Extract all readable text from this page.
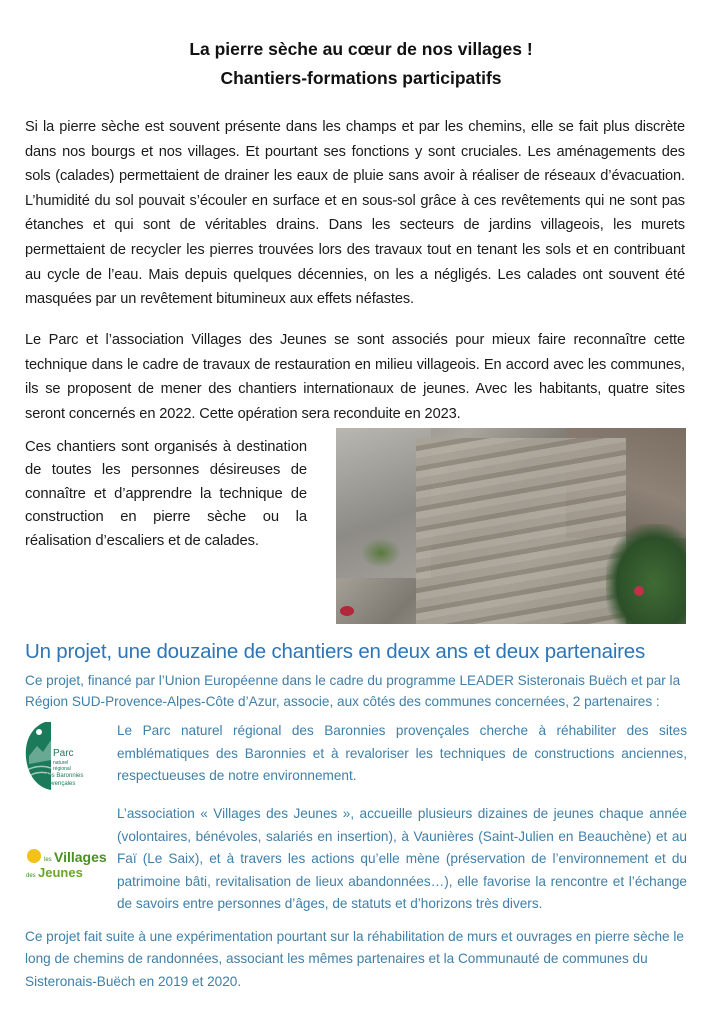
La pierre sèche au cœur de nos villages !
Chantiers-formations participatifs

Si la pierre sèche est souvent présente dans les champs et par les chemins, elle se fait plus discrète dans nos bourgs et nos villages. Et pourtant ses fonctions y sont cruciales. Les aménagements des sols (calades) permettaient de drainer les eaux de pluie sans avoir à réaliser de réseaux d’évacuation. L’humidité du sol pouvait s’écouler en surface et en sous-sol grâce à ces revêtements qui ne sont pas étanches et qui sont de véritables drains. Dans les secteurs de jardins villageois, les murets permettaient de recycler les pierres trouvées lors des travaux tout en tenant les sols et en contribuant au cycle de l’eau. Mais depuis quelques décennies, on les a négligés. Les calades ont souvent été masquées par un revêtement bitumineux aux effets néfastes.

Le Parc et l’association Villages des Jeunes se sont associés pour mieux faire reconnaître cette technique dans le cadre de travaux de restauration en milieu villageois. En accord avec les communes, ils se proposent de mener des chantiers internationaux de jeunes. Avec les habitants, quatre sites seront concernés en 2022. Cette opération sera reconduite en 2023.

Ces chantiers sont organisés à destination de toutes les personnes désireuses de connaître et d’apprendre la technique de construction en pierre sèche ou la réalisation d’escaliers et de calades.

Un projet, une douzaine de chantiers en deux ans et deux partenaires

Ce projet, financé par l’Union Européenne dans le cadre du programme LEADER Sisteronais Buëch et par la Région SUD-Provence-Alpes-Côte d’Azur, associe, aux côtés des communes concernées, 2 partenaires :

Parc
naturel
régional
des Baronnies
provençales

Le Parc naturel régional des Baronnies provençales cherche à réhabiliter des sites emblématiques des Baronnies et à revaloriser les techniques de constructions anciennes, respectueuses de notre environnement.

les Villages
des Jeunes

L’association « Villages des Jeunes », accueille plusieurs dizaines de jeunes chaque année (volontaires, bénévoles, salariés en insertion), à Vaunières (Saint-Julien en Beauchène) et au Faï (Le Saix), et à travers les actions qu’elle mène (préservation de l’environnement et du patrimoine bâti, revitalisation de lieux abandonnées…), elle favorise la rencontre et l’échange de savoirs entre personnes d’âges, de statuts et d’horizons très divers.

Ce projet fait suite à une expérimentation pourtant sur la réhabilitation de murs et ouvrages en pierre sèche le long de chemins de randonnées, associant les mêmes partenaires et la Communauté de communes du Sisteronais-Buëch en 2019 et 2020.
